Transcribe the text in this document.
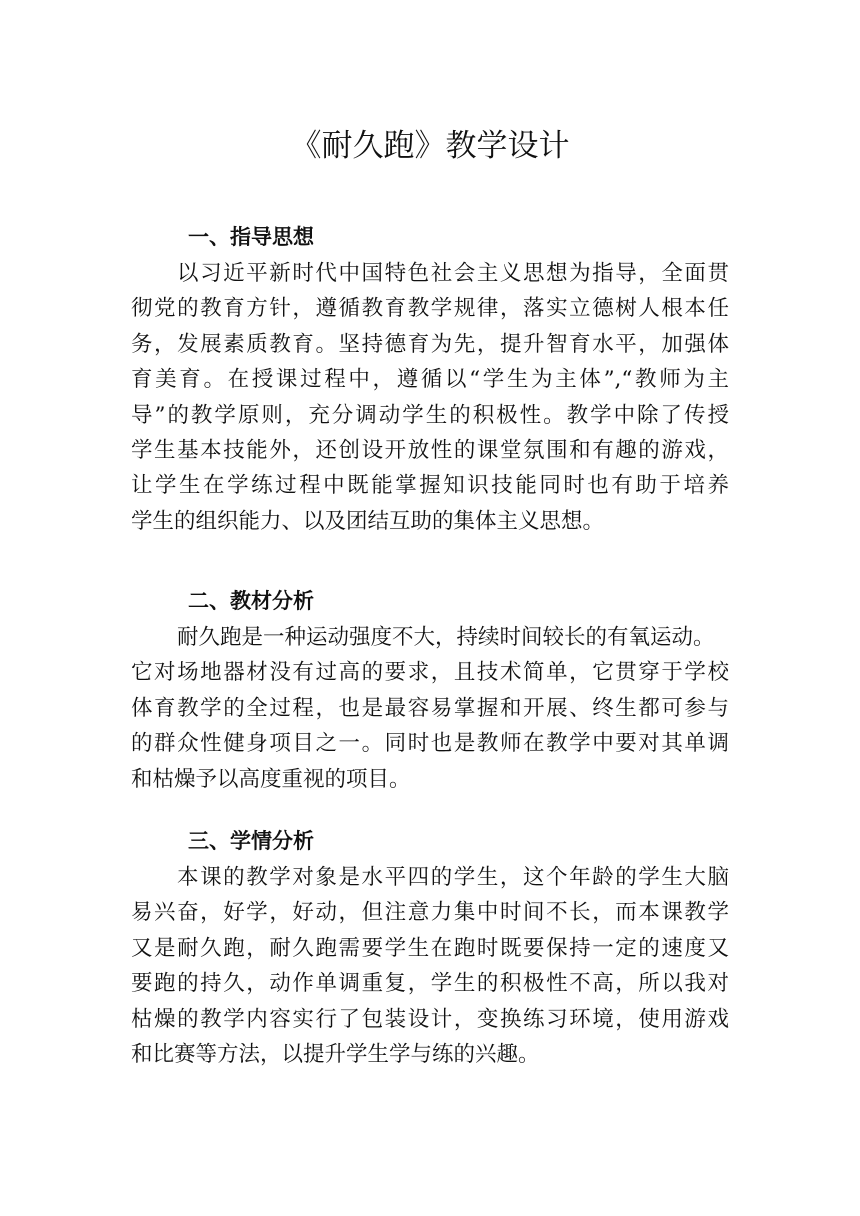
《耐久跑》教学设计
一、指导思想

以习近平新时代中国特色社会主义思想为指导，全面贯
彻党的教育方针，遵循教育教学规律，落实立德树人根本任
务，发展素质教育。坚持德育为先，提升智育水平，加强体
育美育。在授课过程中，遵循以“学生为主体”,“教师为主
导”的教学原则，充分调动学生的积极性。教学中除了传授
学生基本技能外，还创设开放性的课堂氛围和有趣的游戏，
让学生在学练过程中既能掌握知识技能同时也有助于培养
学生的组织能力、以及团结互助的集体主义思想。

二、教材分析

耐久跑是一种运动强度不大，持续时间较长的有氧运动。
它对场地器材没有过高的要求，且技术简单，它贯穿于学校
体育教学的全过程，也是最容易掌握和开展、终生都可参与
的群众性健身项目之一。同时也是教师在教学中要对其单调
和枯燥予以高度重视的项目。

三、学情分析

本课的教学对象是水平四的学生，这个年龄的学生大脑
易兴奋，好学，好动，但注意力集中时间不长，而本课教学
又是耐久跑，耐久跑需要学生在跑时既要保持一定的速度又
要跑的持久，动作单调重复，学生的积极性不高，所以我对
枯燥的教学内容实行了包装设计，变换练习环境，使用游戏
和比赛等方法，以提升学生学与练的兴趣。
